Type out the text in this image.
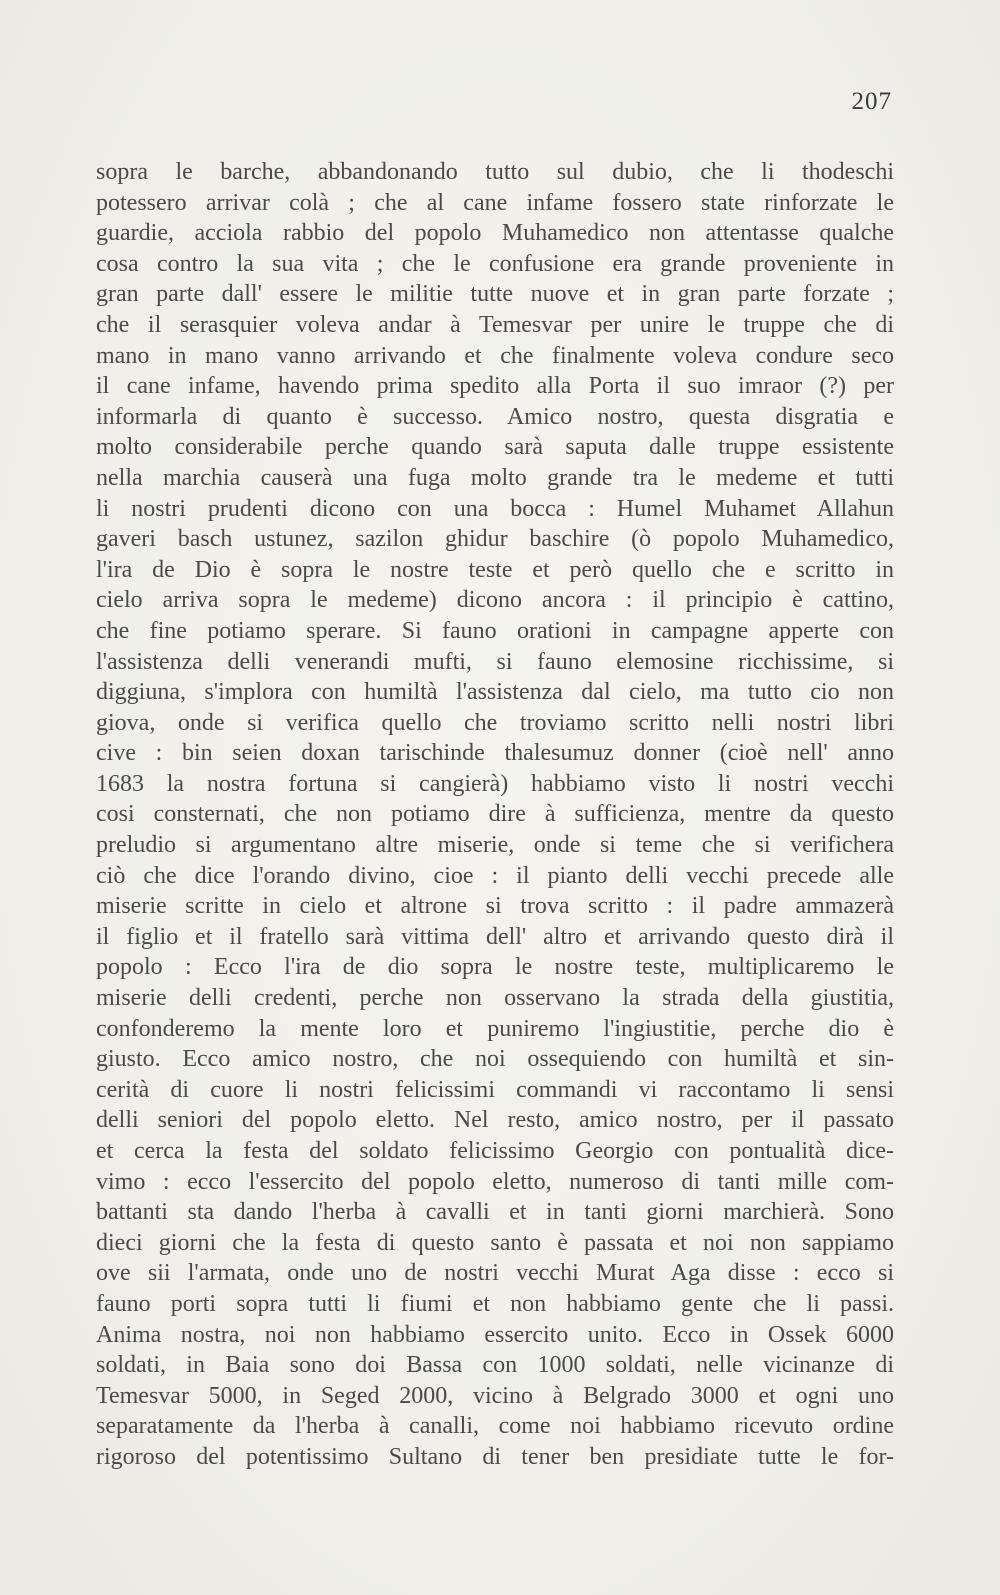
207
sopra le barche, abbandonando tutto sul dubio, che li thodeschi
potessero arrivar colà ; che al cane infame fossero state rinforzate le
guardie, acciola rabbio del popolo Muhamedico non attentasse qualche
cosa contro la sua vita ; che le confusione era grande proveniente in
gran parte dall' essere le militie tutte nuove et in gran parte forzate ;
che il serasquier voleva andar à Temesvar per unire le truppe che di
mano in mano vanno arrivando et che finalmente voleva condure seco
il cane infame, havendo prima spedito alla Porta il suo imraor (?) per
informarla di quanto è successo. Amico nostro, questa disgratia e
molto considerabile perche quando sarà saputa dalle truppe essistente
nella marchia causerà una fuga molto grande tra le medeme et tutti
li nostri prudenti dicono con una bocca : Humel Muhamet Allahun
gaveri basch ustunez, sazilon ghidur baschire (ò popolo Muhamedico,
l'ira de Dio è sopra le nostre teste et però quello che e scritto in
cielo arriva sopra le medeme) dicono ancora : il principio è cattino,
che fine potiamo sperare. Si fauno orationi in campagne apperte con
l'assistenza delli venerandi mufti, si fauno elemosine ricchissime, si
diggiuna, s'implora con humiltà l'assistenza dal cielo, ma tutto cio non
giova, onde si verifica quello che troviamo scritto nelli nostri libri
cive : bin seien doxan tarischinde thalesumuz donner (cioè nell' anno
1683 la nostra fortuna si cangierà) habbiamo visto li nostri vecchi
cosi consternati, che non potiamo dire à sufficienza, mentre da questo
preludio si argumentano altre miserie, onde si teme che si verifichera
ciò che dice l'orando divino, cioe : il pianto delli vecchi precede alle
miserie scritte in cielo et altrone si trova scritto : il padre ammazerà
il figlio et il fratello sarà vittima dell' altro et arrivando questo dirà il
popolo : Ecco l'ira de dio sopra le nostre teste, multiplicaremo le
miserie delli credenti, perche non osservano la strada della giustitia,
confonderemo la mente loro et puniremo l'ingiustitie, perche dio è
giusto. Ecco amico nostro, che noi ossequiendo con humiltà et sin-
cerità di cuore li nostri felicissimi commandi vi raccontamo li sensi
delli seniori del popolo eletto. Nel resto, amico nostro, per il passato
et cerca la festa del soldato felicissimo Georgio con pontualità dice-
vimo : ecco l'essercito del popolo eletto, numeroso di tanti mille com-
battanti sta dando l'herba à cavalli et in tanti giorni marchierà. Sono
dieci giorni che la festa di questo santo è passata et noi non sappiamo
ove sii l'armata, onde uno de nostri vecchi Murat Aga disse : ecco si
fauno porti sopra tutti li fiumi et non habbiamo gente che li passi.
Anima nostra, noi non habbiamo essercito unito. Ecco in Ossek 6000
soldati, in Baia sono doi Bassa con 1000 soldati, nelle vicinanze di
Temesvar 5000, in Seged 2000, vicino à Belgrado 3000 et ogni uno
separatamente da l'herba à canalli, come noi habbiamo ricevuto ordine
rigoroso del potentissimo Sultano di tener ben presidiate tutte le for-
